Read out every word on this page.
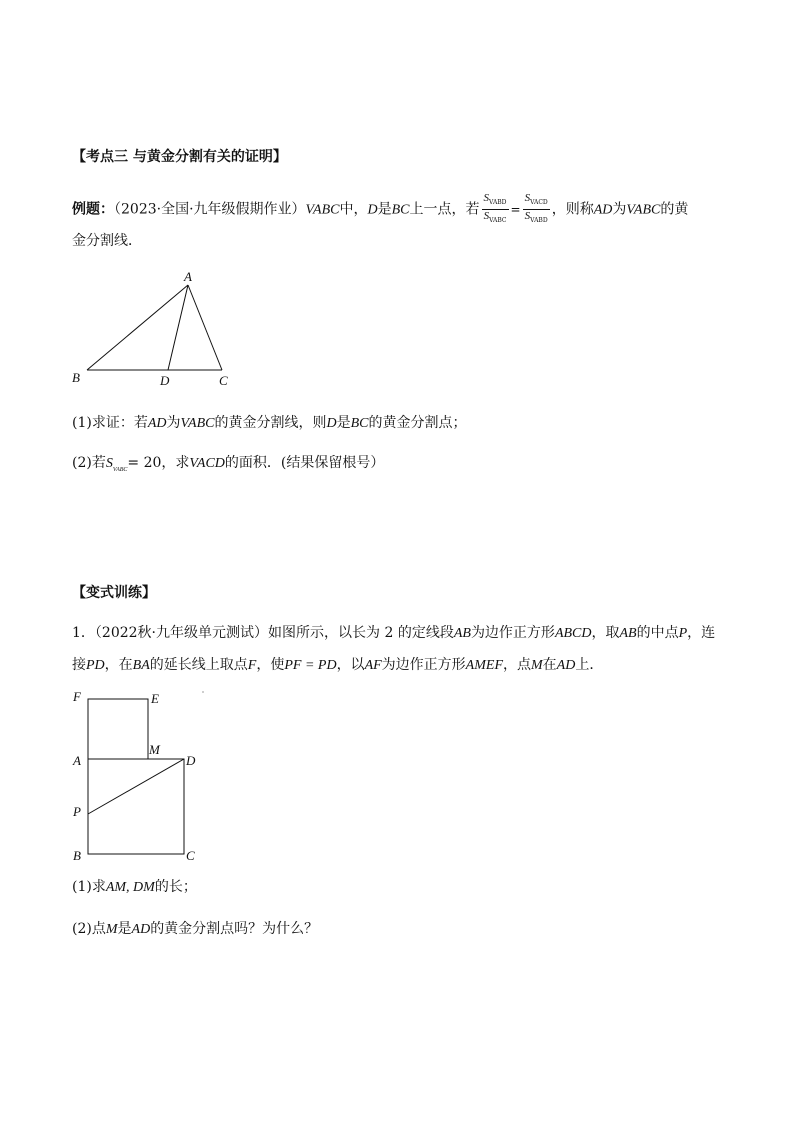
【考点三 与黄金分割有关的证明】
例题：（2023·全国·九年级假期作业）VABC中，D是BC上一点，若 $\frac{S_{VABD}}{S_{VABC}} = \frac{S_{VACD}}{S_{VABD}}$ ，则称AD为VABC的黄
金分割线．
A
B	D	C
(1)求证：若AD为VABC的黄金分割线，则D是BC的黄金分割点；
(2)若$S_{VABC}= 20$，求VACD的面积．(结果保留根号）
【变式训练】
1．（2022秋·九年级单元测试）如图所示，以长为 2 的定线段AB为边作正方形ABCD，取AB的中点P，连
接PD，在BA的延长线上取点F，使PF = PD，以AF为边作正方形AMEF，点M在AD上．
F	E
M
A	D
P
B	C
(1)求AM, DM的长；
(2)点M是AD的黄金分割点吗？为什么？
